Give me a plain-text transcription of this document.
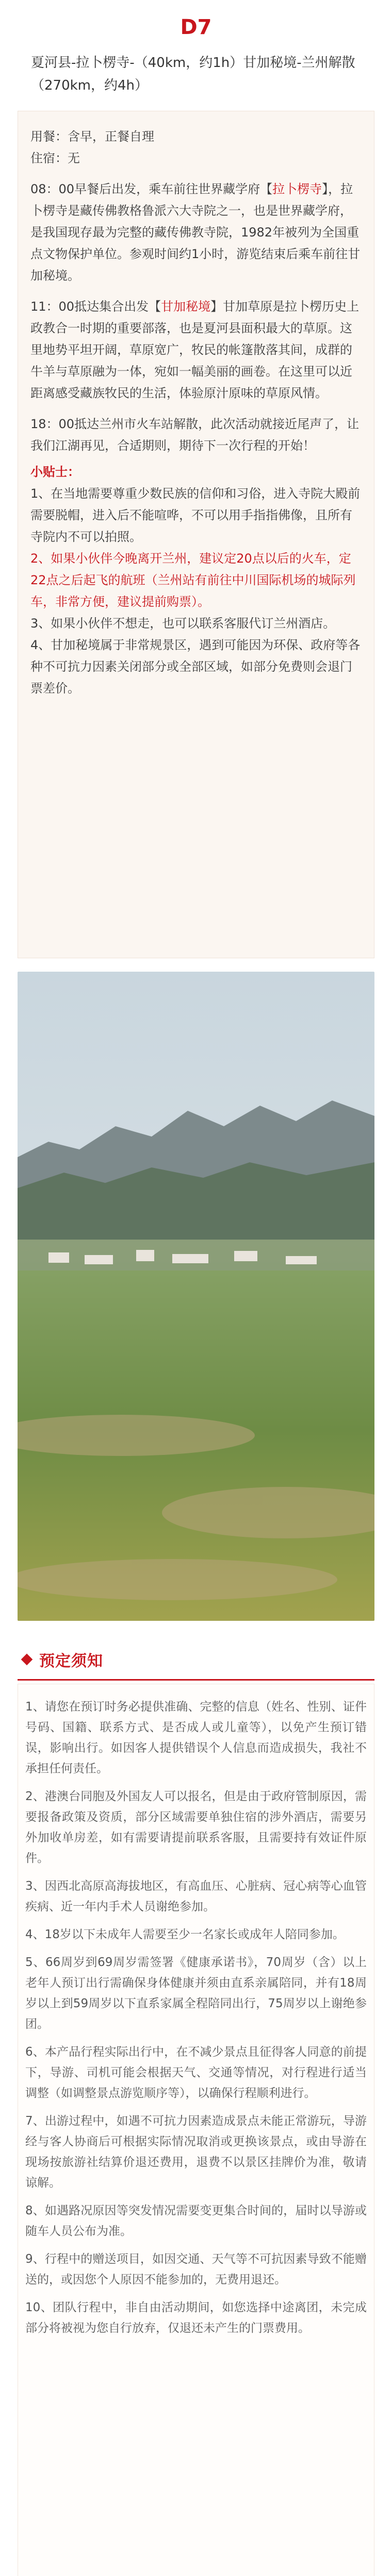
D7
夏河县-拉卜楞寺-（40km，约1h）甘加秘境-兰州解散（270km，约4h）

用餐：含早，正餐自理

住宿：无

08：00早餐后出发，乘车前往世界藏学府【拉卜楞寺】，拉卜楞寺是藏传佛教格鲁派六大寺院之一，也是世界藏学府，是我国现存最为完整的藏传佛教寺院，1982年被列为全国重点文物保护单位。参观时间约1小时，游览结束后乘车前往甘加秘境。

11：00抵达集合出发【甘加秘境】甘加草原是拉卜楞历史上政教合一时期的重要部落，也是夏河县面积最大的草原。这里地势平坦开阔，草原宽广，牧民的帐篷散落其间，成群的牛羊与草原融为一体，宛如一幅美丽的画卷。在这里可以近距离感受藏族牧民的生活，体验原汁原味的草原风情。

18：00抵达兰州市火车站解散，此次活动就接近尾声了，让我们江湖再见，合适期则，期待下一次行程的开始！

小贴士：

1、在当地需要尊重少数民族的信仰和习俗，进入寺院大殿前需要脱帽，进入后不能喧哗，不可以用手指指佛像，且所有寺院内不可以拍照。

2、如果小伙伴今晚离开兰州，建议定20点以后的火车，定22点之后起飞的航班（兰州站有前往中川国际机场的城际列车，非常方便，建议提前购票）。

3、如果小伙伴不想走，也可以联系客服代订兰州酒店。

4、甘加秘境属于非常规景区，遇到可能因为环保、政府等各种不可抗力因素关闭部分或全部区域，如部分免费则会退门票差价。

预定须知

1、请您在预订时务必提供准确、完整的信息（姓名、性别、证件号码、国籍、联系方式、是否成人或儿童等），以免产生预订错误，影响出行。如因客人提供错误个人信息而造成损失，我社不承担任何责任。

2、港澳台同胞及外国友人可以报名，但是由于政府管制原因，需要报备政策及资质，部分区域需要单独住宿的涉外酒店，需要另外加收单房差，如有需要请提前联系客服，且需要持有效证件原件。

3、因西北高原高海拔地区，有高血压、心脏病、冠心病等心血管疾病、近一年内手术人员谢绝参加。

4、18岁以下未成年人需要至少一名家长或成年人陪同参加。

5、66周岁到69周岁需签署《健康承诺书》，70周岁（含）以上老年人预订出行需确保身体健康并须由直系亲属陪同，并有18周岁以上到59周岁以下直系家属全程陪同出行，75周岁以上谢绝参团。

6、本产品行程实际出行中，在不减少景点且征得客人同意的前提下，导游、司机可能会根据天气、交通等情况，对行程进行适当调整（如调整景点游览顺序等），以确保行程顺利进行。

7、出游过程中，如遇不可抗力因素造成景点未能正常游玩，导游经与客人协商后可根据实际情况取消或更换该景点，或由导游在现场按旅游社结算价退还费用，退费不以景区挂牌价为准，敬请谅解。

8、如遇路况原因等突发情况需要变更集合时间的，届时以导游或随车人员公布为准。

9、行程中的赠送项目，如因交通、天气等不可抗因素导致不能赠送的，或因您个人原因不能参加的，无费用退还。

10、团队行程中，非自由活动期间，如您选择中途离团，未完成部分将被视为您自行放弃，仅退还未产生的门票费用。
